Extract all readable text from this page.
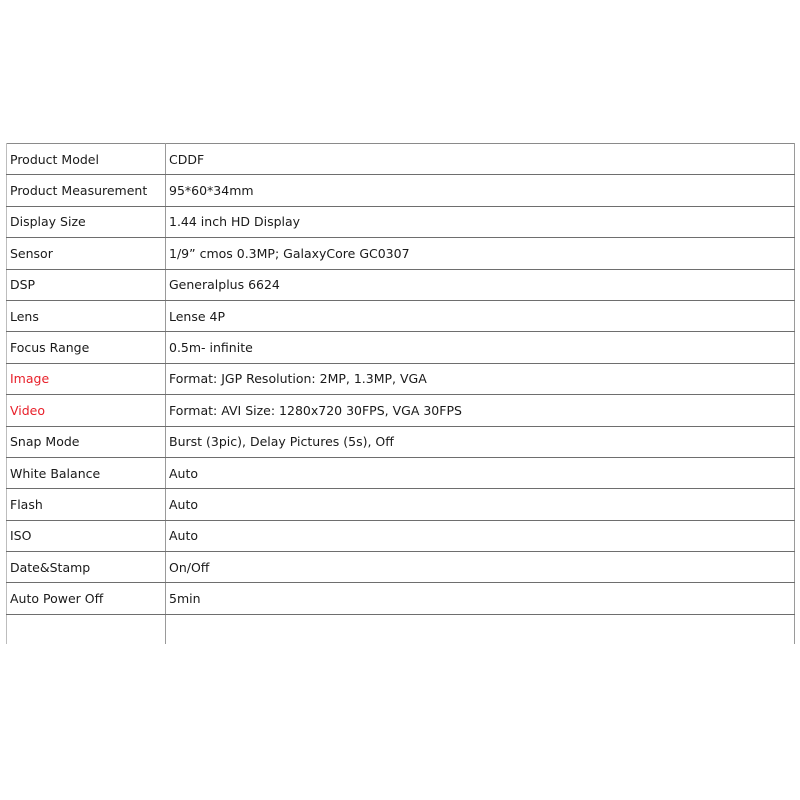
Product Model	CDDF
Product Measurement	95*60*34mm
Display Size	1.44 inch HD Display
Sensor	1/9” cmos 0.3MP; GalaxyCore GC0307
DSP	Generalplus 6624
Lens	Lense 4P
Focus Range	0.5m- infinite
Image	Format: JGP Resolution: 2MP, 1.3MP, VGA
Video	Format: AVI Size: 1280x720 30FPS, VGA 30FPS
Snap Mode	Burst (3pic), Delay Pictures (5s), Off
White Balance	Auto
Flash	Auto
ISO	Auto
Date&Stamp	On/Off
Auto Power Off	5min
